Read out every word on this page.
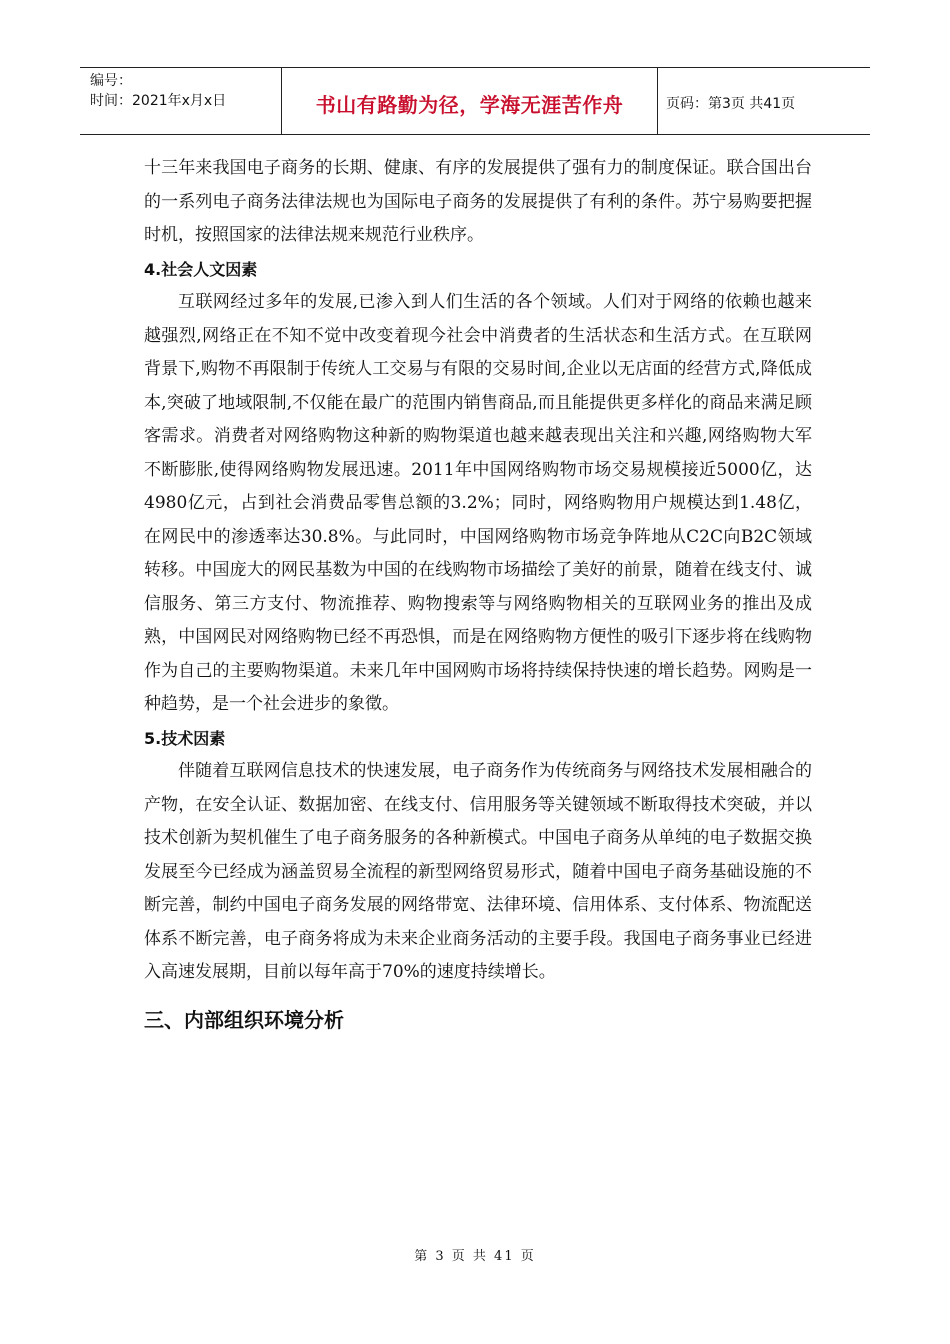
编号：
时间：2021年x月x日	书山有路勤为径，学海无涯苦作舟	页码：第3页 共41页

十三年来我国电子商务的长期、健康、有序的发展提供了强有力的制度保证。联合国出台的一系列电子商务法律法规也为国际电子商务的发展提供了有利的条件。苏宁易购要把握时机，按照国家的法律法规来规范行业秩序。

4.社会人文因素

互联网经过多年的发展,已渗入到人们生活的各个领域。人们对于网络的依赖也越来越强烈,网络正在不知不觉中改变着现今社会中消费者的生活状态和生活方式。在互联网背景下,购物不再限制于传统人工交易与有限的交易时间,企业以无店面的经营方式,降低成本,突破了地域限制,不仅能在最广的范围内销售商品,而且能提供更多样化的商品来满足顾客需求。消费者对网络购物这种新的购物渠道也越来越表现出关注和兴趣,网络购物大军不断膨胀,使得网络购物发展迅速。2011年中国网络购物市场交易规模接近5000亿，达4980亿元，占到社会消费品零售总额的3.2%；同时，网络购物用户规模达到1.48亿，在网民中的渗透率达30.8%。与此同时，中国网络购物市场竞争阵地从C2C向B2C领域转移。中国庞大的网民基数为中国的在线购物市场描绘了美好的前景，随着在线支付、诚信服务、第三方支付、物流推荐、购物搜索等与网络购物相关的互联网业务的推出及成熟，中国网民对网络购物已经不再恐惧，而是在网络购物方便性的吸引下逐步将在线购物作为自己的主要购物渠道。未来几年中国网购市场将持续保持快速的增长趋势。网购是一种趋势，是一个社会进步的象徵。

5.技术因素

伴随着互联网信息技术的快速发展，电子商务作为传统商务与网络技术发展相融合的产物，在安全认证、数据加密、在线支付、信用服务等关键领域不断取得技术突破，并以技术创新为契机催生了电子商务服务的各种新模式。中国电子商务从单纯的电子数据交换发展至今已经成为涵盖贸易全流程的新型网络贸易形式，随着中国电子商务基础设施的不断完善，制约中国电子商务发展的网络带宽、法律环境、信用体系、支付体系、物流配送体系不断完善，电子商务将成为未来企业商务活动的主要手段。我国电子商务事业已经进入高速发展期，目前以每年高于70%的速度持续增长。

三、内部组织环境分析
第 3 页 共 41 页
